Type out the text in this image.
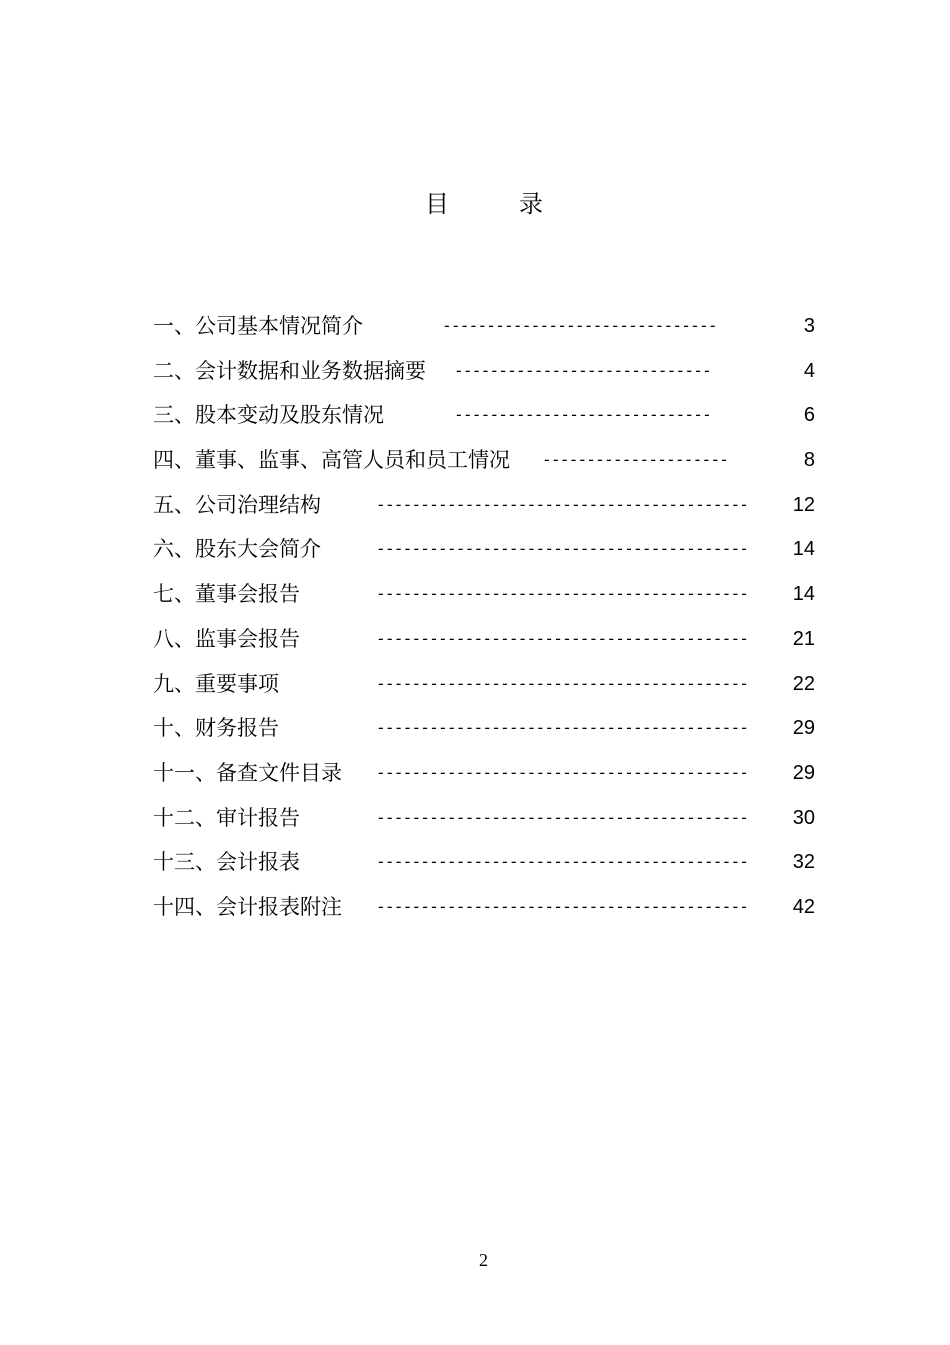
目	录
一、公司基本情况简介	-------------------------------	3
二、会计数据和业务数据摘要 -----------------------------	4
三、股本变动及股东情况	-----------------------------	6
四、董事、监事、高管人员和员工情况 ---------------------	8
五、公司治理结构	------------------------------------------	12
六、股东大会简介	------------------------------------------	14
七、董事会报告	------------------------------------------	14
八、监事会报告	------------------------------------------	21
九、重要事项	------------------------------------------	22
十、财务报告	------------------------------------------	29
十一、备查文件目录 ------------------------------------------	29
十二、审计报告	------------------------------------------	30
十三、会计报表	------------------------------------------	32
十四、会计报表附注 ------------------------------------------	42
2
